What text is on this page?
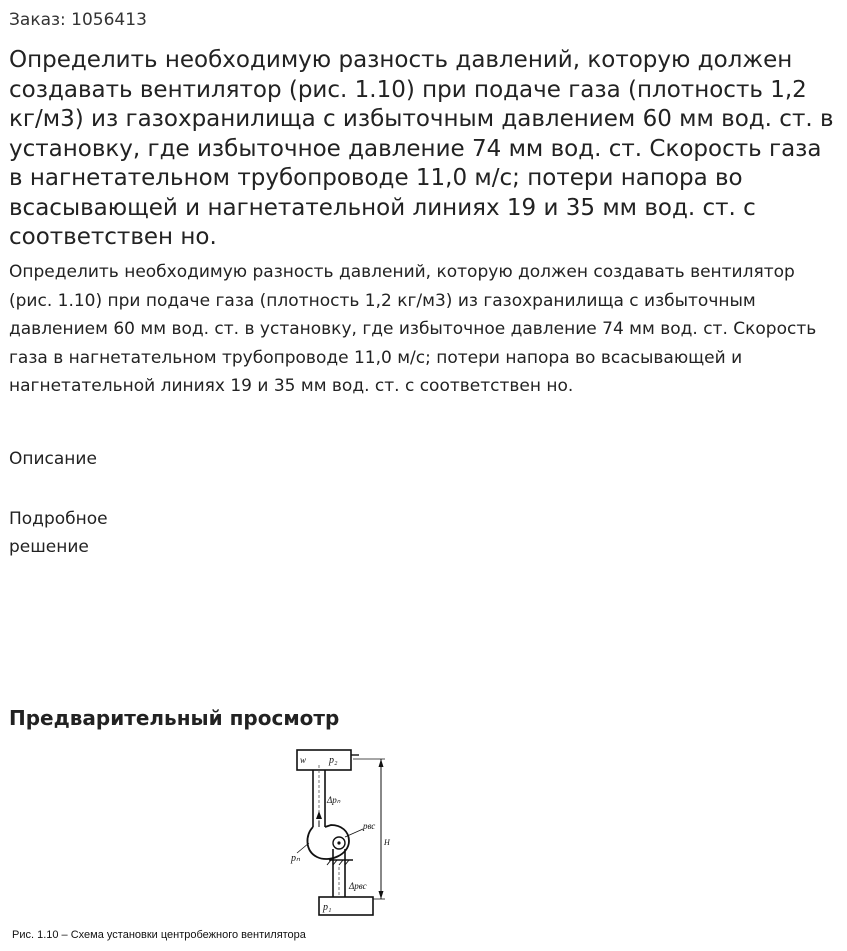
Заказ: 1056413
Определить необходимую разность давлений, которую должен создавать вентилятор (рис. 1.10) при подаче газа (плотность 1,2 кг/м3) из газохранилища с избыточным давлением 60 мм вод. ст. в установку, где избыточное давление 74 мм вод. ст. Скорость газа в нагнетательном трубопроводе 11,0 м/с; потери напора во всасывающей и нагнетательной линиях 19 и 35 мм вод. ст. с соответствен но.

Определить необходимую разность давлений, которую должен создавать вентилятор (рис. 1.10) при подаче газа (плотность 1,2 кг/м3) из газохранилища с избыточным давлением 60 мм вод. ст. в установку, где избыточное давление 74 мм вод. ст. Скорость газа в нагнетательном трубопроводе 11,0 м/с; потери напора во всасывающей и нагнетательной линиях 19 и 35 мм вод. ст. с соответствен но.

Описание
Подробное решение
Предварительный просмотр
w p₂
Δpₙ
pвс
H
pₙ
Δpвс
p₁
Рис. 1.10 – Схема установки центробежного вентилятора
